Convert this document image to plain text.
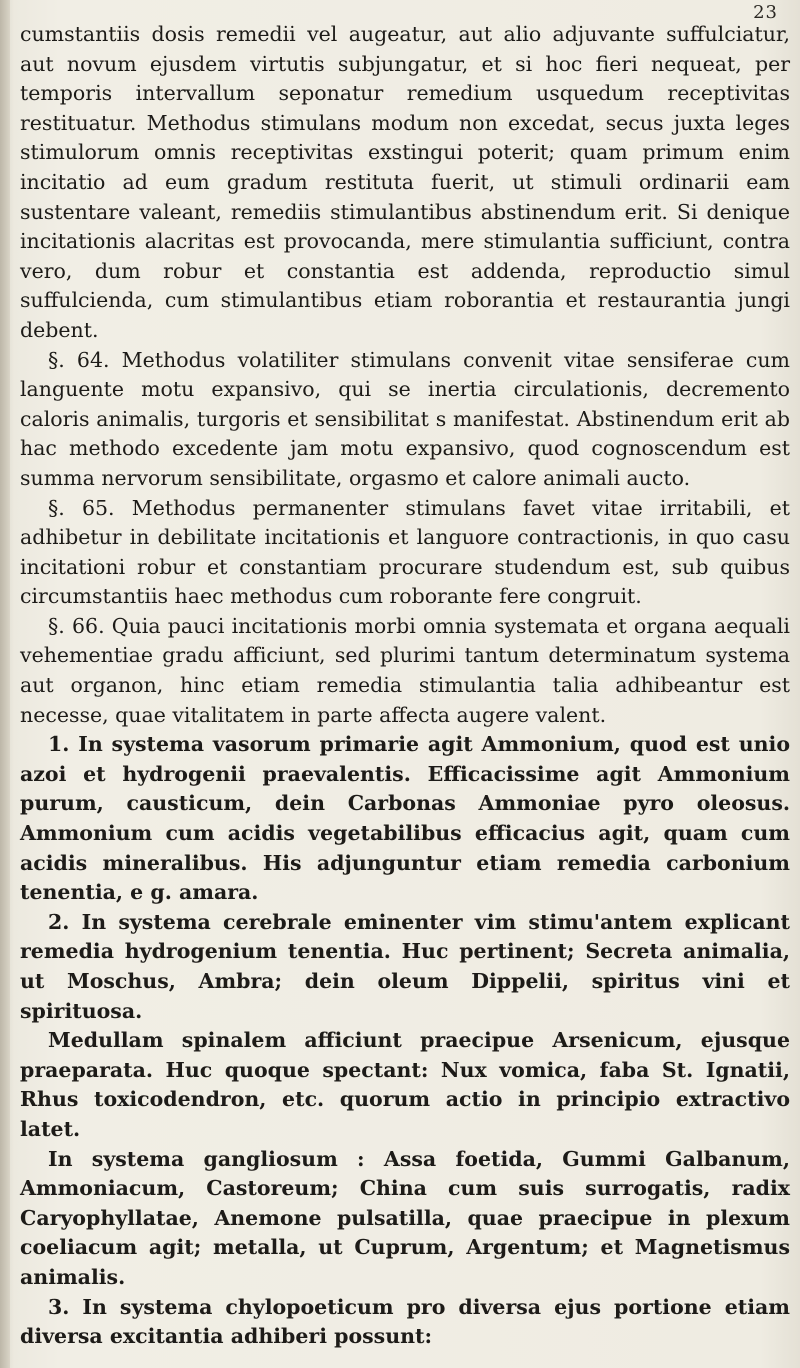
23

cumstantiis dosis remedii vel augeatur, aut alio adjuvante suffulciatur, aut novum ejusdem virtutis subjungatur, et si hoc fieri nequeat, per temporis intervallum seponatur remedium usquedum receptivitas restituatur. Methodus stimulans modum non excedat, secus juxta leges stimulorum omnis receptivitas exstingui poterit; quam primum enim incitatio ad eum gradum restituta fuerit, ut stimuli ordinarii eam sustentare valeant, remediis stimulantibus abstinendum erit. Si denique incitationis alacritas est provocanda, mere stimulantia sufficiunt, contra vero, dum robur et constantia est addenda, reproductio simul suffulcienda, cum stimulantibus etiam roborantia et restaurantia jungi debent.

§. 64. Methodus volatiliter stimulans convenit vitae sensiferae cum languente motu expansivo, qui se inertia circulationis, decremento caloris animalis, turgoris et sensibilitat s manifestat. Abstinendum erit ab hac methodo excedente jam motu expansivo, quod cognoscendum est summa nervorum sensibilitate, orgasmo et calore animali aucto.

§. 65. Methodus permanenter stimulans favet vitae irritabili, et adhibetur in debilitate incitationis et languore contractionis, in quo casu incitationi robur et constantiam procurare studendum est, sub quibus circumstantiis haec methodus cum roborante fere congruit.

§. 66. Quia pauci incitationis morbi omnia systemata et organa aequali vehementiae gradu afficiunt, sed plurimi tantum determinatum systema aut organon, hinc etiam remedia stimulantia talia adhibeantur est necesse, quae vitalitatem in parte affecta augere valent.

1. In systema vasorum primarie agit Ammonium, quod est unio azoi et hydrogenii praevalentis. Efficacissime agit Ammonium purum, causticum, dein Carbonas Ammoniae pyro oleosus. Ammonium cum acidis vegetabilibus efficacius agit, quam cum acidis mineralibus. His adjunguntur etiam remedia carbonium tenentia, e g. amara.

2. In systema cerebrale eminenter vim stimu'antem explicant remedia hydrogenium tenentia. Huc pertinent; Secreta animalia, ut Moschus, Ambra; dein oleum Dippelii, spiritus vini et spirituosa.

Medullam spinalem afficiunt praecipue Arsenicum, ejusque praeparata. Huc quoque spectant: Nux vomica, faba St. Ignatii, Rhus toxicodendron, etc. quorum actio in principio extractivo latet.

In systema gangliosum : Assa foetida, Gummi Galbanum, Ammoniacum, Castoreum; China cum suis surrogatis, radix Caryophyllatae, Anemone pulsatilla, quae praecipue in plexum coeliacum agit; metalla, ut Cuprum, Argentum; et Magnetismus animalis.

3. In systema chylopoeticum pro diversa ejus portione etiam diversa excitantia adhiberi possunt:
